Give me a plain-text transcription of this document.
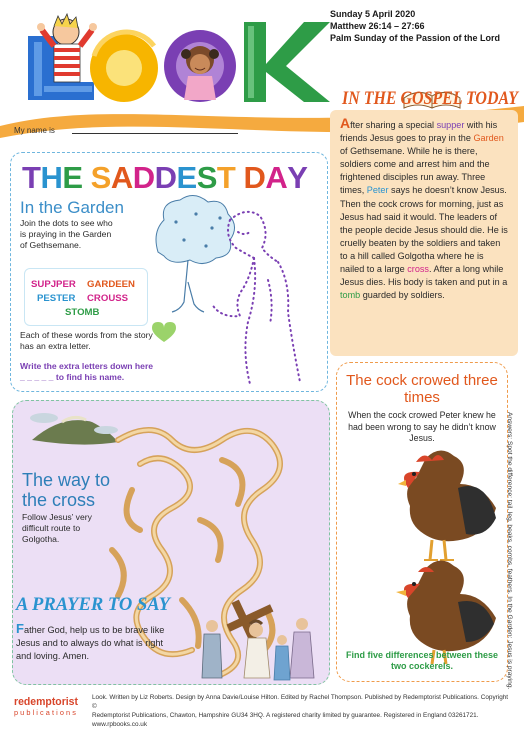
Sunday 5 April 2020
Matthew 26:14 – 27:66
Palm Sunday of the Passion of the Lord
My name is
IN THE GOSPEL TODAY
After sharing a special supper with his friends Jesus goes to pray in the Garden of Gethsemane. While he is there, soldiers come and arrest him and the frightened disciples run away. Three times, Peter says he doesn’t know Jesus. Then the cock crows for morning, just as Jesus had said it would. The leaders of the people decide Jesus should die. He is cruelly beaten by the soldiers and taken to a hill called Golgotha where he is nailed to a large cross. After a long while Jesus dies. His body is taken and put in a tomb guarded by soldiers.
THE SADDEST DAY
In the Garden
Join the dots to see who is praying in the Garden of Gethsemane.
SUPJPER GARDEEN
PESTER CROUSS
STOMB
Each of these words from the story has an extra letter.
Write the extra letters down here _ _ _ _ _ to find his name.
The way to the cross
Follow Jesus’ very difficult route to Golgotha.
A PRAYER TO SAY
Father God, help us to be brave like Jesus and to always do what is right and loving. Amen.
The cock crowed three times
When the cock crowed Peter knew he had been wrong to say he didn’t know Jesus.
Find five differences between these two cockerels.	Answers: Spot the difference: tail, leg, beaks, combs, feathers. In the Garden: Jesus is praying.
redemptorist
publications
Look. Written by Liz Roberts. Design by Anna Davie/Louise Hilton. Edited by Rachel Thompson. Published by Redemptorist Publications. Copyright ©
Redemptorist Publications, Chawton, Hampshire GU34 3HQ. A registered charity limited by guarantee. Registered in England 03261721. www.rpbooks.co.uk
